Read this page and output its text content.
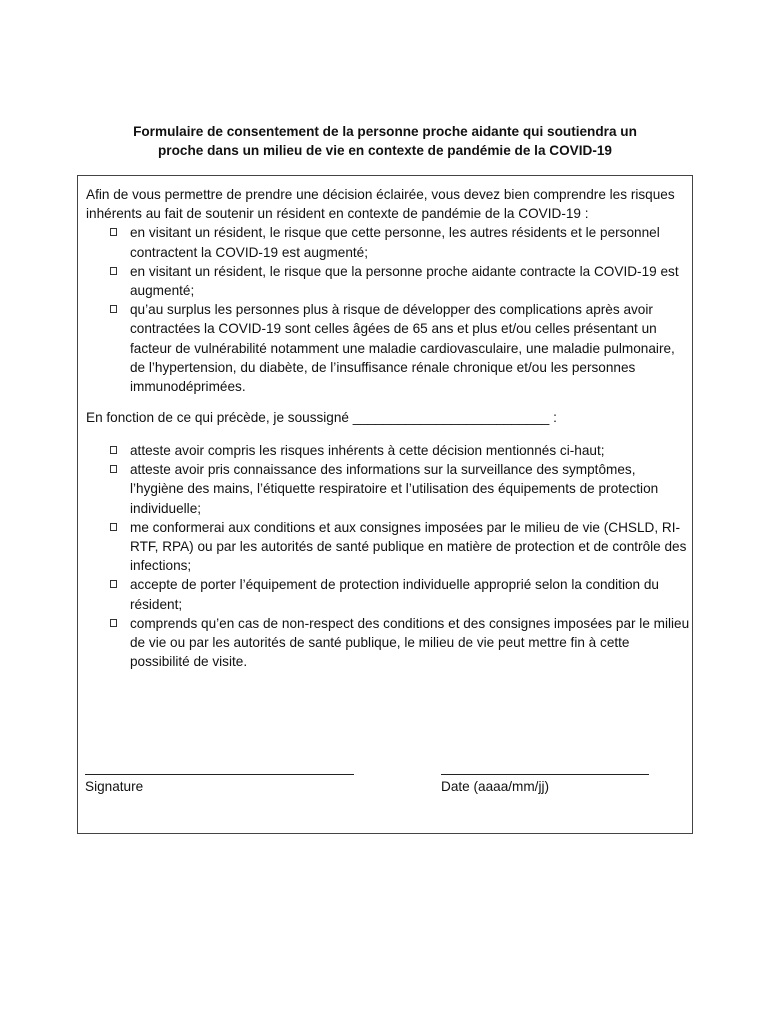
Formulaire de consentement de la personne proche aidante qui soutiendra un
proche dans un milieu de vie en contexte de pandémie de la COVID-19

Afin de vous permettre de prendre une décision éclairée, vous devez bien comprendre les risques inhérents au fait de soutenir un résident en contexte de pandémie de la COVID-19 :

en visitant un résident, le risque que cette personne, les autres résidents et le personnel contractent la COVID-19 est augmenté;
en visitant un résident, le risque que la personne proche aidante contracte la COVID-19 est augmenté;
qu’au surplus les personnes plus à risque de développer des complications après avoir contractées la COVID-19 sont celles âgées de 65 ans et plus et/ou celles présentant un facteur de vulnérabilité notamment une maladie cardiovasculaire, une maladie pulmonaire, de l’hypertension, du diabète, de l’insuffisance rénale chronique et/ou les personnes immunodéprimées.

En fonction de ce qui précède, je soussigné __________________________ :

atteste avoir compris les risques inhérents à cette décision mentionnés ci-haut;
atteste avoir pris connaissance des informations sur la surveillance des symptômes, l’hygiène des mains, l’étiquette respiratoire et l’utilisation des équipements de protection individuelle;
me conformerai aux conditions et aux consignes imposées par le milieu de vie (CHSLD, RI-RTF, RPA) ou par les autorités de santé publique en matière de protection et de contrôle des infections;
accepte de porter l’équipement de protection individuelle approprié selon la condition du résident;
comprends qu’en cas de non-respect des conditions et des consignes imposées par le milieu de vie ou par les autorités de santé publique, le milieu de vie peut mettre fin à cette possibilité de visite.
Signature	Date (aaaa/mm/jj)
